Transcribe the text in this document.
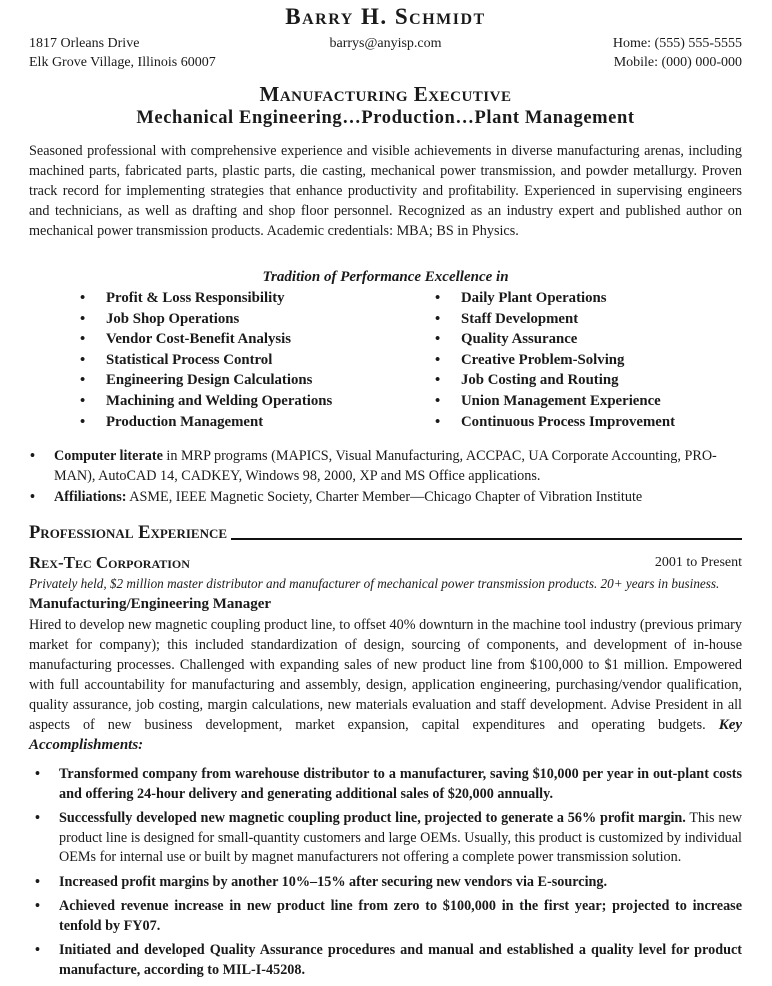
Barry H. Schmidt
1817 Orleans Drive
Elk Grove Village, Illinois 60007
barrys@anyisp.com	Home: (555) 555-5555
Mobile: (000) 000-000
Manufacturing Executive
Mechanical Engineering…Production…Plant Management

Seasoned professional with comprehensive experience and visible achievements in diverse manufacturing arenas, including machined parts, fabricated parts, plastic parts, die casting, mechanical power transmission, and powder metallurgy. Proven track record for implementing strategies that enhance productivity and profitability. Experienced in supervising engineers and technicians, as well as drafting and shop floor personnel. Recognized as an industry expert and published author on mechanical power transmission products. Academic credentials: MBA; BS in Physics.

Tradition of Performance Excellence in
• Profit & Loss Responsibility
• Job Shop Operations
• Vendor Cost-Benefit Analysis
• Statistical Process Control
• Engineering Design Calculations
• Machining and Welding Operations
• Production Management
• Daily Plant Operations
• Staff Development
• Quality Assurance
• Creative Problem-Solving
• Job Costing and Routing
• Union Management Experience
• Continuous Process Improvement
• Computer literate in MRP programs (MAPICS, Visual Manufacturing, ACCPAC, UA Corporate Accounting, PRO-MAN), AutoCAD 14, CADKEY, Windows 98, 2000, XP and MS Office applications.
• Affiliations: ASME, IEEE Magnetic Society, Charter Member—Chicago Chapter of Vibration Institute
Professional Experience
Rex-Tec Corporation	2001 to Present
Privately held, $2 million master distributor and manufacturer of mechanical power transmission products. 20+ years in business.
Manufacturing/Engineering Manager

Hired to develop new magnetic coupling product line, to offset 40% downturn in the machine tool industry (previous primary market for company); this included standardization of design, sourcing of components, and development of in-house manufacturing processes. Challenged with expanding sales of new product line from $100,000 to $1 million. Empowered with full accountability for manufacturing and assembly, design, application engineering, purchasing/vendor qualification, quality assurance, job costing, margin calculations, new materials evaluation and staff development. Advise President in all aspects of new business development, market expansion, capital expenditures and operating budgets. Key Accomplishments:

• Transformed company from warehouse distributor to a manufacturer, saving $10,000 per year in out-plant costs and offering 24-hour delivery and generating additional sales of $20,000 annually.
• Successfully developed new magnetic coupling product line, projected to generate a 56% profit margin. This new product line is designed for small-quantity customers and large OEMs. Usually, this product is customized by individual OEMs for internal use or built by magnet manufacturers not offering a complete power transmission solution.
• Increased profit margins by another 10%–15% after securing new vendors via E-sourcing.
• Achieved revenue increase in new product line from zero to $100,000 in the first year; projected to increase tenfold by FY07.
• Initiated and developed Quality Assurance procedures and manual and established a quality level for product manufacture, according to MIL-I-45208.
